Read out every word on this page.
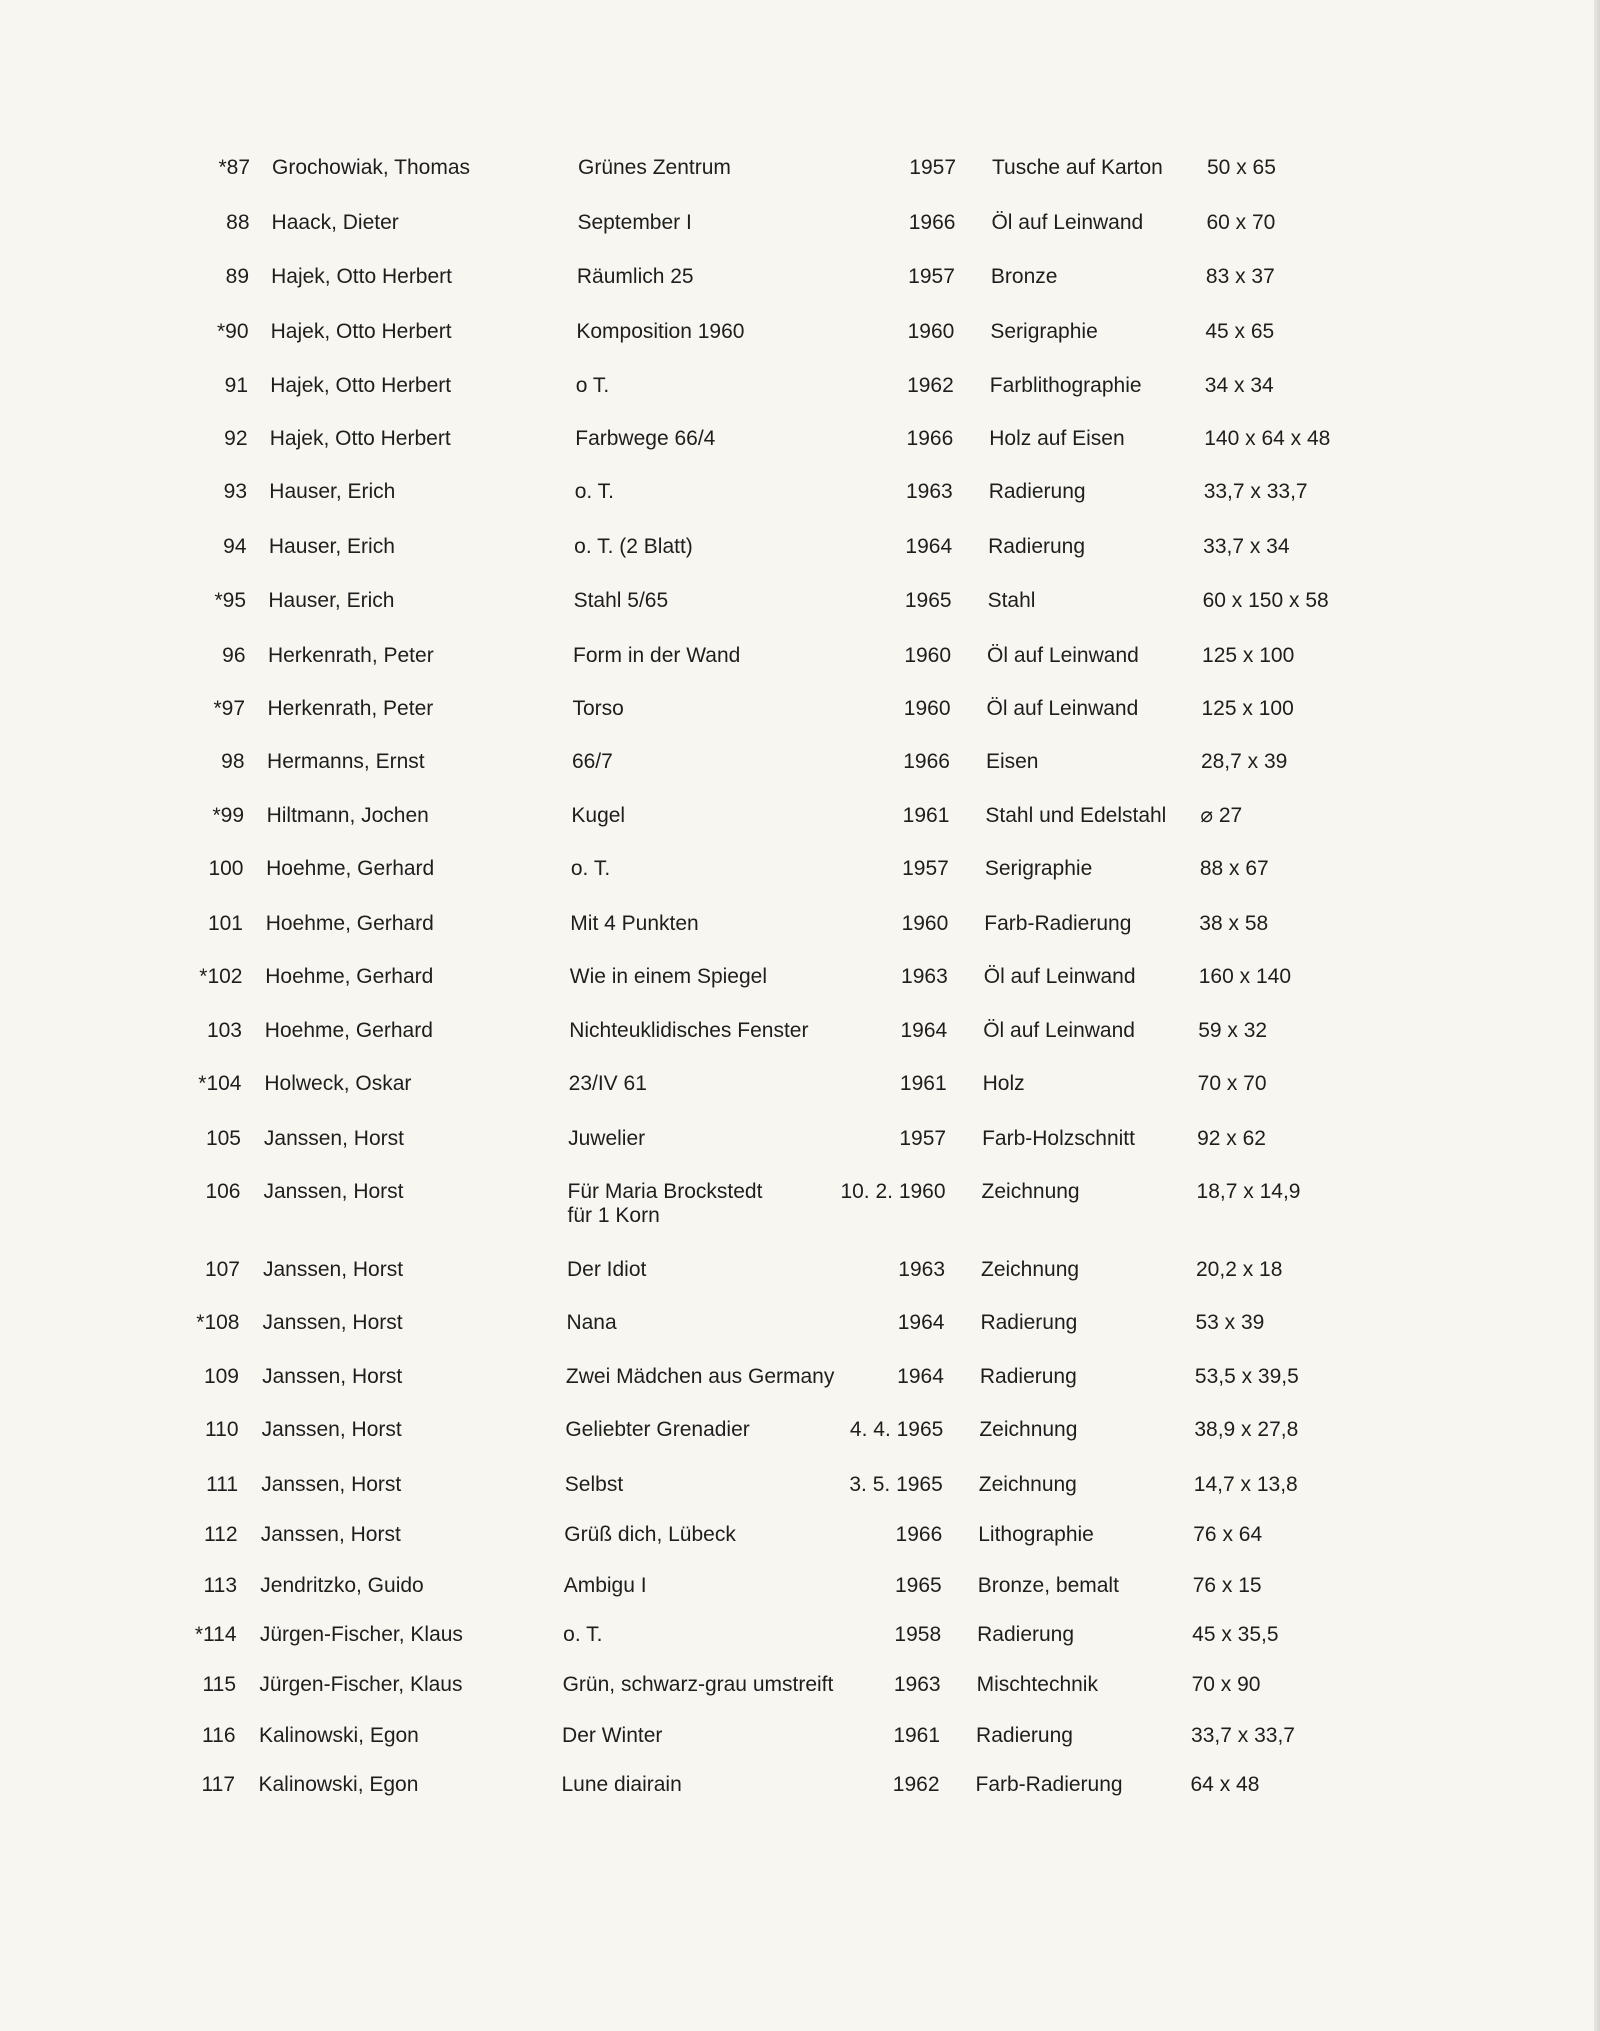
*87 Grochowiak, Thomas	Grünes Zentrum	1957 Tusche auf Karton 50 x 65
88 Haack, Dieter	September I	1966 Öl auf Leinwand	60 x 70
89 Hajek, Otto Herbert	Räumlich 25	1957 Bronze	83 x 37
*90 Hajek, Otto Herbert	Komposition 1960	1960 Serigraphie	45 x 65
91 Hajek, Otto Herbert	o T.	1962 Farblithographie	34 x 34
92 Hajek, Otto Herbert	Farbwege 66/4	1966 Holz auf Eisen	140 x 64 x 48
93 Hauser, Erich	o. T.	1963 Radierung	33,7 x 33,7
94 Hauser, Erich	o. T. (2 Blatt)	1964 Radierung	33,7 x 34
*95 Hauser, Erich	Stahl 5/65	1965 Stahl	60 x 150 x 58
96 Herkenrath, Peter	Form in der Wand	1960 Öl auf Leinwand	125 x 100
*97 Herkenrath, Peter	Torso	1960 Öl auf Leinwand	125 x 100
98 Hermanns, Ernst	66/7	1966 Eisen	28,7 x 39
*99 Hiltmann, Jochen	Kugel	1961 Stahl und Edelstahl ⌀ 27
100 Hoehme, Gerhard	o. T.	1957 Serigraphie	88 x 67
101 Hoehme, Gerhard	Mit 4 Punkten	1960 Farb-Radierung	38 x 58
*102 Hoehme, Gerhard	Wie in einem Spiegel	1963 Öl auf Leinwand	160 x 140
103 Hoehme, Gerhard	Nichteuklidisches Fenster	1964 Öl auf Leinwand	59 x 32
*104 Holweck, Oskar	23/IV 61	1961 Holz	70 x 70
105 Janssen, Horst	Juwelier	1957 Farb-Holzschnitt	92 x 62
106 Janssen, Horst	Für Maria Brockstedt	10. 2. 1960 Zeichnung	18,7 x 14,9
für 1 Korn
107 Janssen, Horst	Der Idiot	1963 Zeichnung	20,2 x 18
*108 Janssen, Horst	Nana	1964 Radierung	53 x 39
109 Janssen, Horst	Zwei Mädchen aus Germany	1964 Radierung	53,5 x 39,5
110 Janssen, Horst	Geliebter Grenadier	4. 4. 1965 Zeichnung	38,9 x 27,8
111 Janssen, Horst	Selbst	3. 5. 1965 Zeichnung	14,7 x 13,8
112 Janssen, Horst	Grüß dich, Lübeck	1966 Lithographie	76 x 64
113 Jendritzko, Guido	Ambigu I	1965 Bronze, bemalt	76 x 15
*114 Jürgen-Fischer, Klaus	o. T.	1958 Radierung	45 x 35,5
115 Jürgen-Fischer, Klaus	Grün, schwarz-grau umstreift	1963 Mischtechnik	70 x 90
116 Kalinowski, Egon	Der Winter	1961 Radierung	33,7 x 33,7
117 Kalinowski, Egon	Lune diairain	1962 Farb-Radierung	64 x 48
